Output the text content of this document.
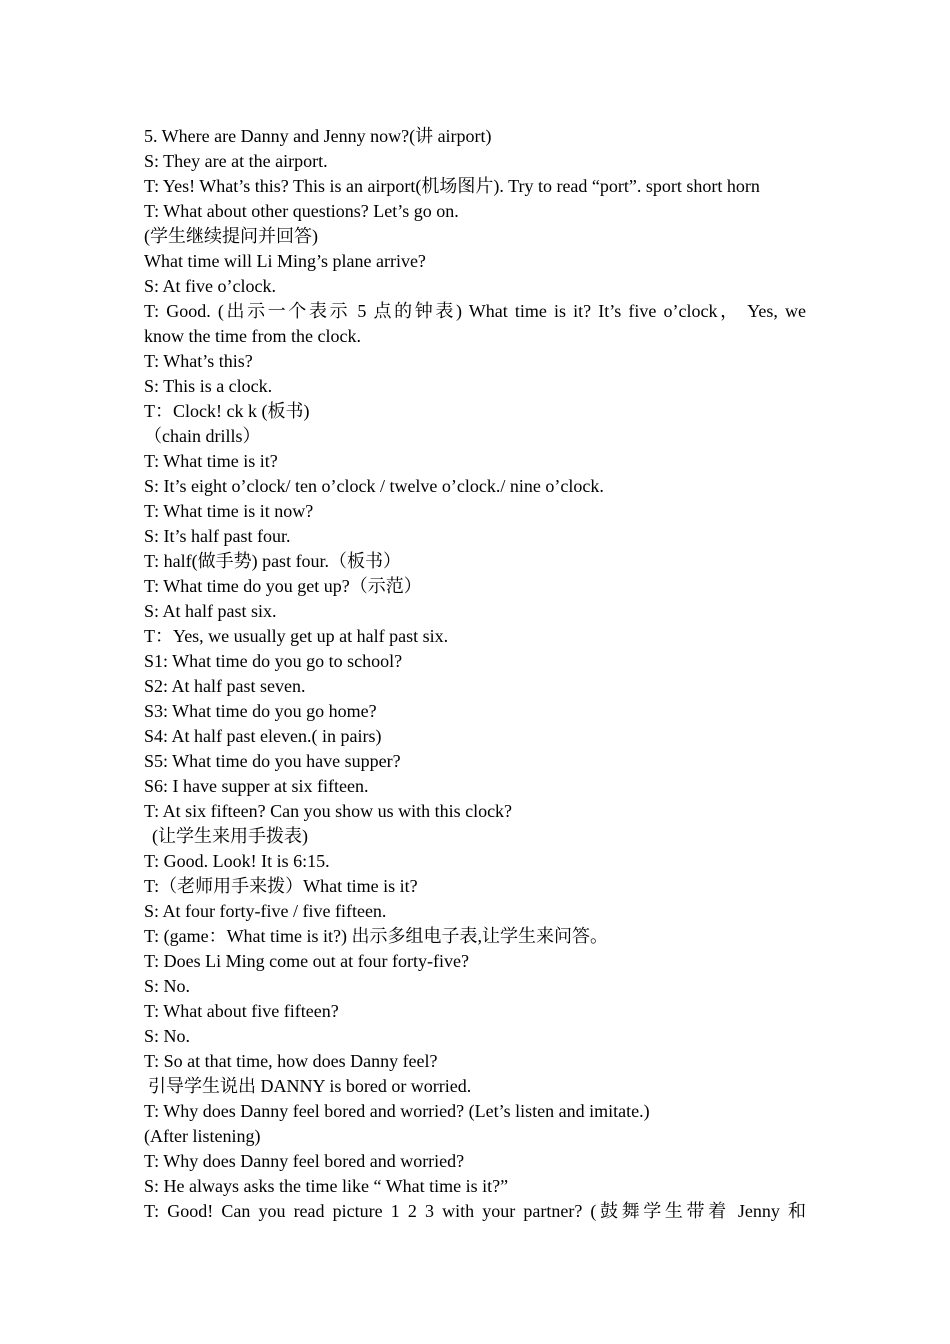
5. Where are Danny and Jenny now?(讲 airport)
S: They are at the airport.
T: Yes! What’s this? This is an airport(机场图片). Try to read “port”. sport short horn
T: What about other questions? Let’s go on.
(学生继续提问并回答)
What time will Li Ming’s plane arrive?
S: At five o’clock.
T: Good. (出示一个表示 5 点的钟表) What time is it? It’s five o’clock， Yes, we
know the time from the clock.
T: What’s this?
S: This is a clock.
T：Clock! ck k (板书)
（chain drills）
T: What time is it?
S: It’s eight o’clock/ ten o’clock / twelve o’clock./ nine o’clock.
T: What time is it now?
S: It’s half past four.
T: half(做手势) past four.（板书）
T: What time do you get up?（示范）
S: At half past six.
T：Yes, we usually get up at half past six.
S1: What time do you go to school?
S2: At half past seven.
S3: What time do you go home?
S4: At half past eleven.( in pairs)
S5: What time do you have supper?
S6: I have supper at six fifteen.
T: At six fifteen? Can you show us with this clock?
(让学生来用手拨表)
T: Good. Look! It is 6:15.
T:（老师用手来拨）What time is it?
S: At four forty-five / five fifteen.
T: (game：What time is it?) 出示多组电子表,让学生来问答。
T: Does Li Ming come out at four forty-five?
S: No.
T: What about five fifteen?
S: No.
T: So at that time, how does Danny feel?
引导学生说出 DANNY is bored or worried.
T: Why does Danny feel bored and worried? (Let’s listen and imitate.)
(After listening)
T: Why does Danny feel bored and worried?
S: He always asks the time like “ What time is it?”
T: Good! Can you read picture 1 2 3 with your partner? (鼓舞学生带着 Jenny 和
